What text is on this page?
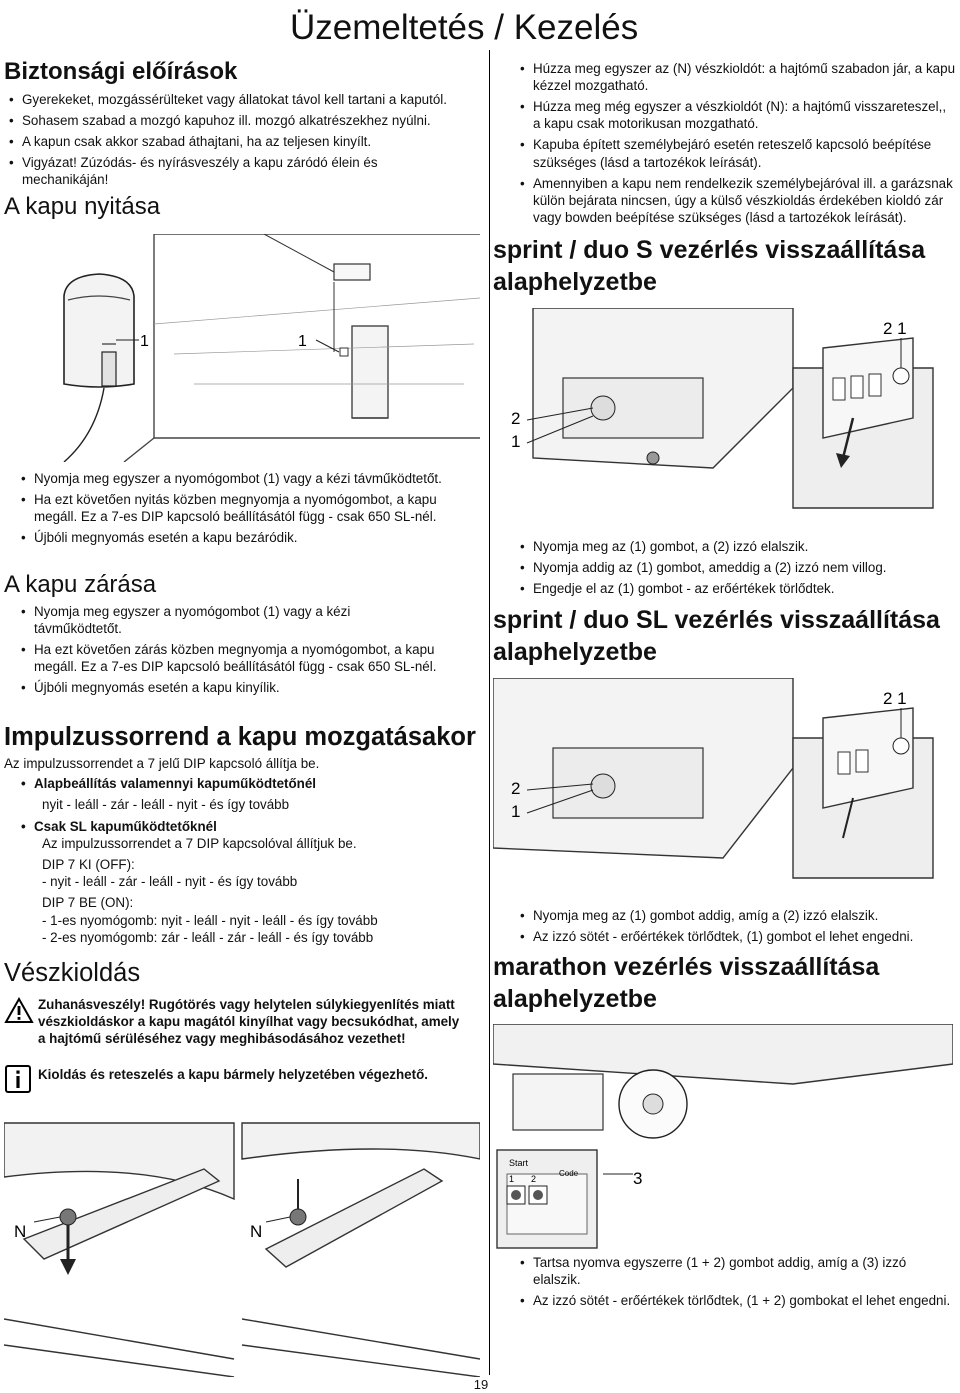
Üzemeltetés / Kezelés
19
Biztonsági előírások
• Gyerekeket, mozgássérülteket vagy állatokat távol kell tartani a kaputól.
• Sohasem szabad a mozgó kapuhoz ill. mozgó alkatrészekhez nyúlni.
• A kapun csak akkor szabad áthajtani, ha az teljesen kinyílt.
• Vigyázat! Zúzódás- és nyírásveszély a kapu záródó élein és mechanikáján!
A kapu nyitása
1	1
• Nyomja meg egyszer a nyomógombot (1) vagy a kézi távműködtetőt.
• Ha ezt követően nyitás közben megnyomja a nyomógombot, a kapu megáll. Ez a 7-es DIP kapcsoló beállításától függ - csak 650 SL-nél.
• Újbóli megnyomás esetén a kapu bezáródik.
A kapu zárása
• Nyomja meg egyszer a nyomógombot (1) vagy a kézi távműködtetőt.
• Ha ezt követően zárás közben megnyomja a nyomógombot, a kapu megáll. Ez a 7-es DIP kapcsoló beállításától függ - csak 650 SL-nél.
• Újbóli megnyomás esetén a kapu kinyílik.
Impulzussorrend a kapu mozgatásakor

Az impulzussorrendet a 7 jelű DIP kapcsoló állítja be.

• Alapbeállítás valamennyi kapuműködtetőnél

nyit - leáll - zár - leáll - nyit - és így tovább

• Csak SL kapuműködtetőknél

Az impulzussorrendet a 7 DIP kapcsolóval állítjuk be.

DIP 7 KI (OFF):

- nyit - leáll - zár - leáll - nyit - és így tovább

DIP 7 BE (ON):

- 1-es nyomógomb: nyit - leáll - nyit - leáll - és így tovább

- 2-es nyomógomb: zár - leáll - zár - leáll - és így tovább

Vészkioldás
Zuhanásveszély! Rugótörés vagy helytelen súlykiegyenlítés miatt vészkioldáskor a kapu magától kinyílhat vagy becsukódhat, amely a hajtómű sérüléséhez vagy meghibásodásához vezethet!
Kioldás és reteszelés a kapu bármely helyzetében végezhető.
N	N
• Húzza meg egyszer az (N) vészkioldót: a hajtómű szabadon jár, a kapu kézzel mozgatható.
• Húzza meg még egyszer a vészkioldót (N): a hajtómű visszareteszel,, a kapu csak motorikusan mozgatható.
• Kapuba épített személybejáró esetén reteszelő kapcsoló beépítése szükséges (lásd a tartozékok leírását).
• Amennyiben a kapu nem rendelkezik személybejáróval ill. a garázsnak külön bejárata nincsen, úgy a külső vészkioldás érdekében kioldó zár vagy bowden beépítése szükséges (lásd a tartozékok leírását).
sprint / duo S vezérlés visszaállítása alaphelyzetbe
2 1
2
1
• Nyomja meg az (1) gombot, a (2) izzó elalszik.
• Nyomja addig az (1) gombot, ameddig a (2) izzó nem villog.
• Engedje el az (1) gombot - az erőértékek törlődtek.
sprint / duo SL vezérlés visszaállítása alaphelyzetbe
2 1
2
1
• Nyomja meg az (1) gombot addig, amíg a (2) izzó elalszik.
• Az izzó sötét - erőértékek törlődtek, (1) gombot el lehet engedni.
marathon vezérlés visszaállítása alaphelyzetbe
Start
1 2
Code	3
• Tartsa nyomva egyszerre (1 + 2) gombot addig, amíg a (3) izzó elalszik.
• Az izzó sötét - erőértékek törlődtek, (1 + 2) gombokat el lehet engedni.
